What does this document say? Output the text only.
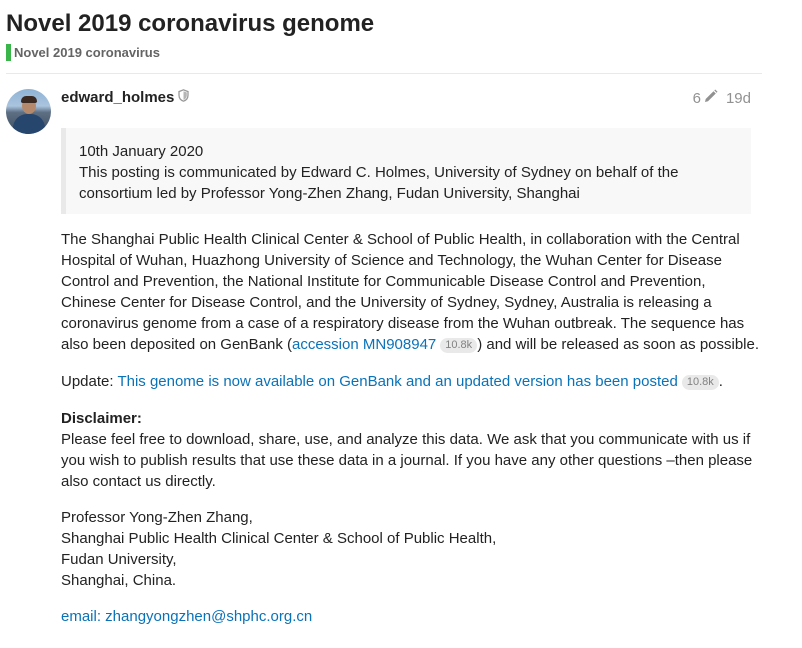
Novel 2019 coronavirus genome
Novel 2019 coronavirus
edward_holmes	6 19d

10th January 2020

This posting is communicated by Edward C. Holmes, University of Sydney on behalf of the consortium led by Professor Yong-Zhen Zhang, Fudan University, Shanghai

The Shanghai Public Health Clinical Center & School of Public Health, in collaboration with the Central Hospital of Wuhan, Huazhong University of Science and Technology, the Wuhan Center for Disease Control and Prevention, the National Institute for Communicable Disease Control and Prevention, Chinese Center for Disease Control, and the University of Sydney, Sydney, Australia is releasing a coronavirus genome from a case of a respiratory disease from the Wuhan outbreak. The sequence has also been deposited on GenBank (accession MN908947 10.8k ) and will be released as soon as possible.

Update: This genome is now available on GenBank and an updated version has been posted 10.8k .

Disclaimer:
Please feel free to download, share, use, and analyze this data. We ask that you communicate with us if you wish to publish results that use these data in a journal. If you have any other questions –then please also contact us directly.

Professor Yong-Zhen Zhang,
Shanghai Public Health Clinical Center & School of Public Health,
Fudan University,
Shanghai, China.

email: zhangyongzhen@shphc.org.cn
